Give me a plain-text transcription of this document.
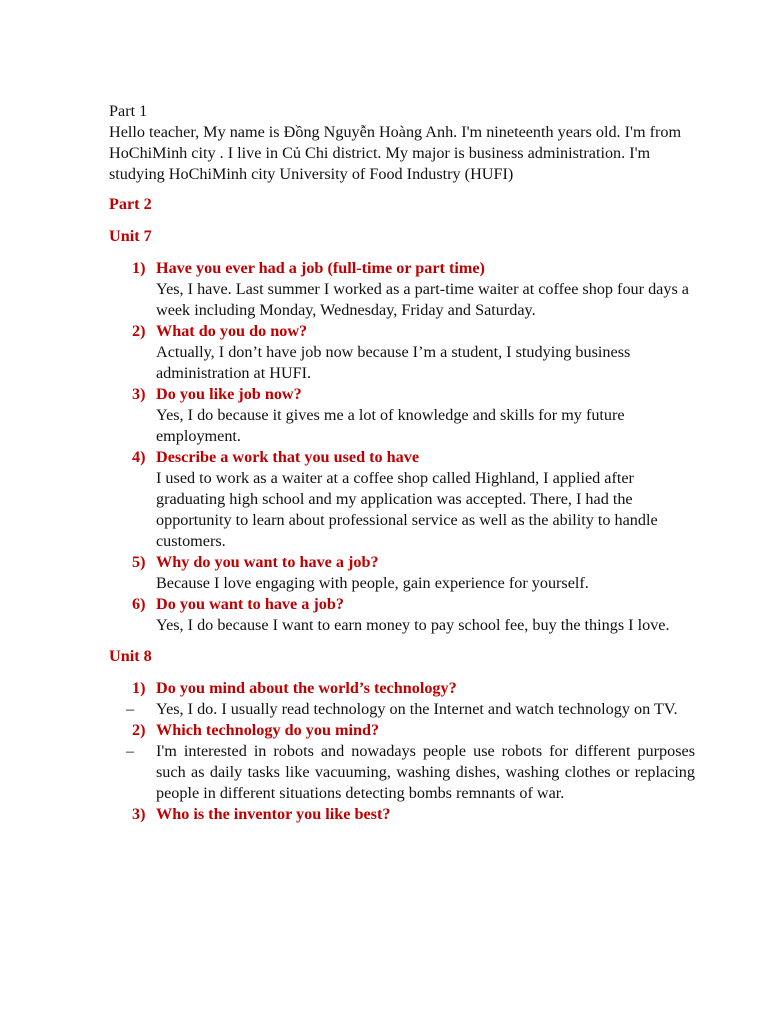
Part 1

Hello teacher, My name is Đồng Nguyễn Hoàng Anh. I'm nineteenth years old. I'm from HoChiMinh city . I live in Củ Chi district. My major is business administration. I'm studying HoChiMinh city University of Food Industry (HUFI)

Part 2

Unit 7

1) Have you ever had a job (full-time or part time)
Yes, I have. Last summer I worked as a part-time waiter at coffee shop four days a week including Monday, Wednesday, Friday and Saturday.
2) What do you do now?
Actually, I don’t have job now because I’m a student, I studying business administration at HUFI.
3) Do you like job now?
Yes, I do because it gives me a lot of knowledge and skills for my future employment.
4) Describe a work that you used to have
I used to work as a waiter at a coffee shop called Highland, I applied after graduating high school and my application was accepted. There, I had the opportunity to learn about professional service as well as the ability to handle customers.
5) Why do you want to have a job?
Because I love engaging with people, gain experience for yourself.
6) Do you want to have a job?
Yes, I do because I want to earn money to pay school fee, buy the things I love.

Unit 8

1) Do you mind about the world’s technology?
– Yes, I do. I usually read technology on the Internet and watch technology on TV.
2) Which technology do you mind?
– I'm interested in robots and nowadays people use robots for different purposes such as daily tasks like vacuuming, washing dishes, washing clothes or replacing people in different situations detecting bombs remnants of war.
3) Who is the inventor you like best?
